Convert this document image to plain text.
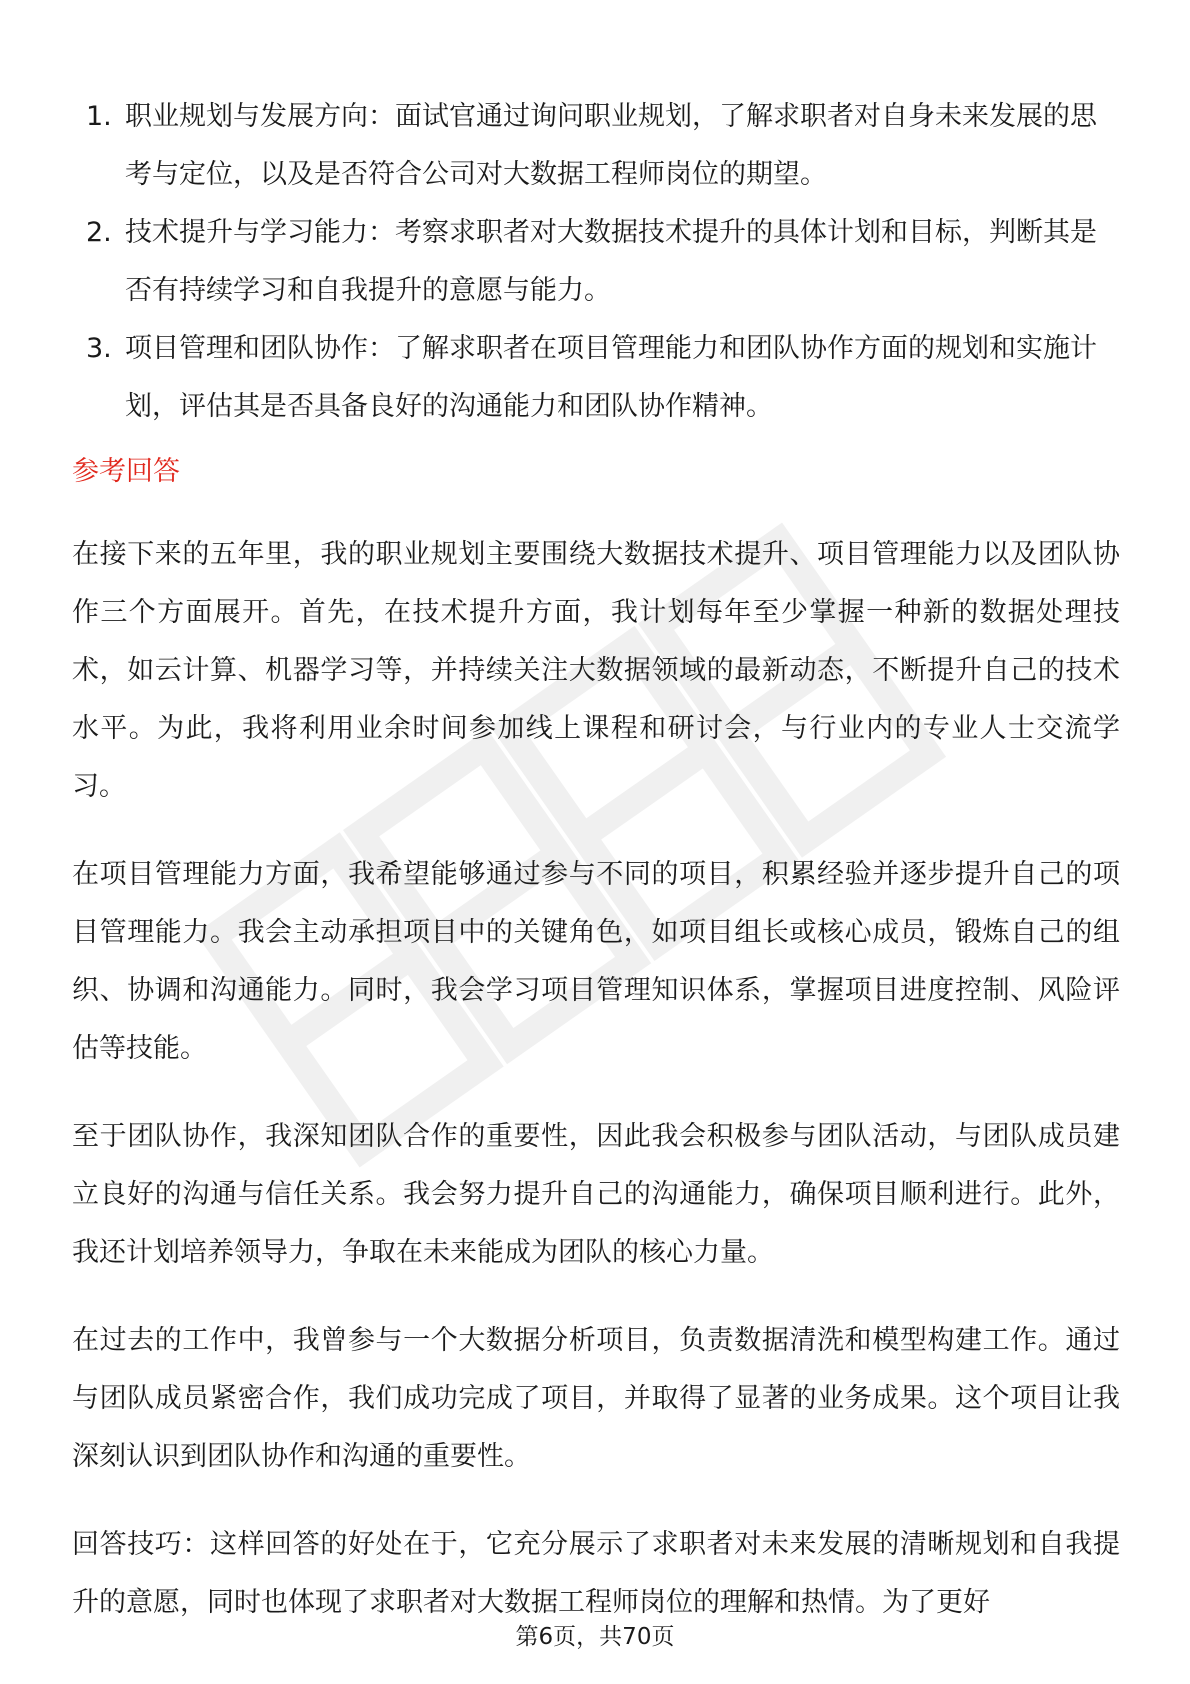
1. 职业规划与发展方向：面试官通过询问职业规划，了解求职者对自身未来发展的思考与定位，以及是否符合公司对大数据工程师岗位的期望。
2. 技术提升与学习能力：考察求职者对大数据技术提升的具体计划和目标，判断其是否有持续学习和自我提升的意愿与能力。
3. 项目管理和团队协作：了解求职者在项目管理能力和团队协作方面的规划和实施计划，评估其是否具备良好的沟通能力和团队协作精神。
参考回答

在接下来的五年里，我的职业规划主要围绕大数据技术提升、项目管理能力以及团队协作三个方面展开。首先，在技术提升方面，我计划每年至少掌握一种新的数据处理技术，如云计算、机器学习等，并持续关注大数据领域的最新动态，不断提升自己的技术水平。为此，我将利用业余时间参加线上课程和研讨会，与行业内的专业人士交流学习。

在项目管理能力方面，我希望能够通过参与不同的项目，积累经验并逐步提升自己的项目管理能力。我会主动承担项目中的关键角色，如项目组长或核心成员，锻炼自己的组织、协调和沟通能力。同时，我会学习项目管理知识体系，掌握项目进度控制、风险评估等技能。

至于团队协作，我深知团队合作的重要性，因此我会积极参与团队活动，与团队成员建立良好的沟通与信任关系。我会努力提升自己的沟通能力，确保项目顺利进行。此外，我还计划培养领导力，争取在未来能成为团队的核心力量。

在过去的工作中，我曾参与一个大数据分析项目，负责数据清洗和模型构建工作。通过与团队成员紧密合作，我们成功完成了项目，并取得了显著的业务成果。这个项目让我深刻认识到团队协作和沟通的重要性。

回答技巧：这样回答的好处在于，它充分展示了求职者对未来发展的清晰规划和自我提升的意愿，同时也体现了求职者对大数据工程师岗位的理解和热情。为了更好

第6页，共70页
